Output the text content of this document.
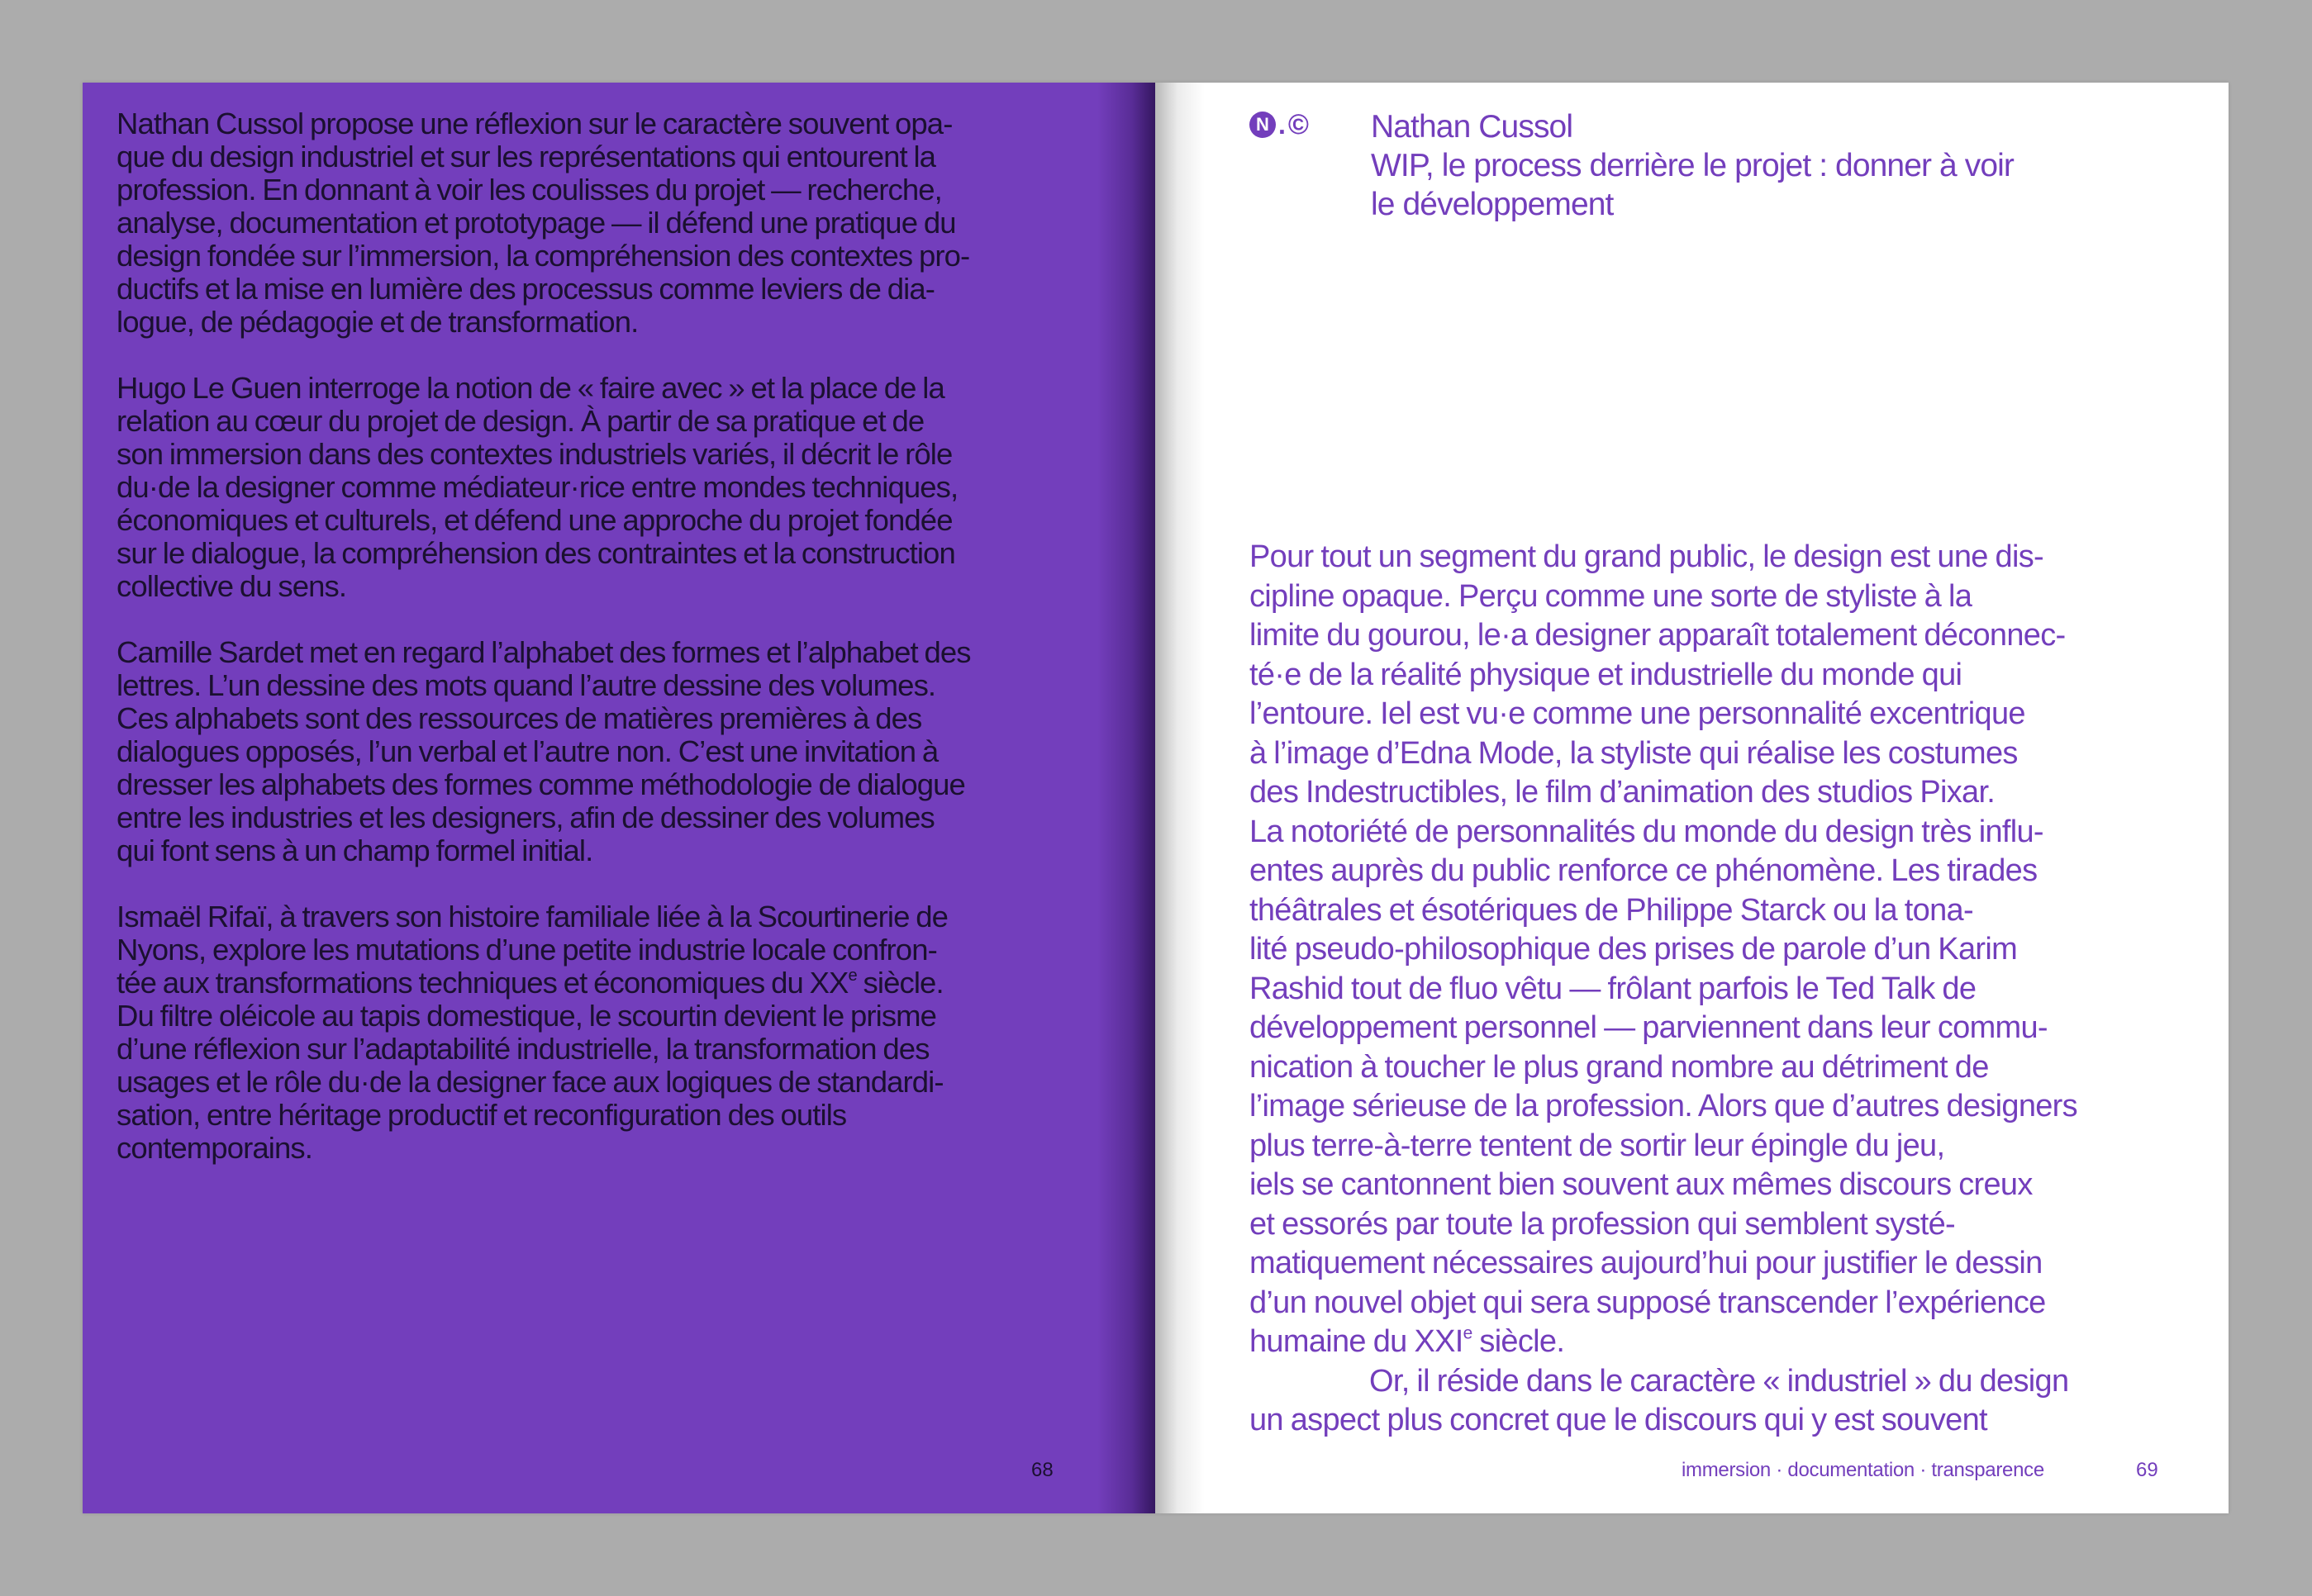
Nathan Cussol propose une réflexion sur le caractère souvent opa-
que du design industriel et sur les représentations qui entourent la
profession. En donnant à voir les coulisses du projet — recherche,
analyse, documentation et prototypage — il défend une pratique du
design fondée sur l’immersion, la compréhension des contextes pro-
ductifs et la mise en lumière des processus comme leviers de dia-
logue, de pédagogie et de transformation.

Hugo Le Guen interroge la notion de « faire avec » et la place de la
relation au cœur du projet de design. À partir de sa pratique et de
son immersion dans des contextes industriels variés, il décrit le rôle
du·de la designer comme médiateur·rice entre mondes techniques,
économiques et culturels, et défend une approche du projet fondée
sur le dialogue, la compréhension des contraintes et la construction
collective du sens.

Camille Sardet met en regard l’alphabet des formes et l’alphabet des
lettres. L’un dessine des mots quand l’autre dessine des volumes.
Ces alphabets sont des ressources de matières premières à des
dialogues opposés, l’un verbal et l’autre non. C’est une invitation à
dresser les alphabets des formes comme méthodologie de dialogue
entre les industries et les designers, afin de dessiner des volumes
qui font sens à un champ formel initial.

Ismaël Rifaï, à travers son histoire familiale liée à la Scourtinerie de
Nyons, explore les mutations d’une petite industrie locale confron-
tée aux transformations techniques et économiques du XXe siècle.
Du filtre oléicole au tapis domestique, le scourtin devient le prisme
d’une réflexion sur l’adaptabilité industrielle, la transformation des
usages et le rôle du·de la designer face aux logiques de standardi-
sation, entre héritage productif et reconfiguration des outils
contemporains.

68
N . © Nathan Cussol
WIP, le process derrière le projet : donner à voir
le développement
Pour tout un segment du grand public, le design est une dis-
cipline opaque. Perçu comme une sorte de styliste à la
limite du gourou, le·a designer apparaît totalement déconnec-
té·e de la réalité physique et industrielle du monde qui
l’entoure. Iel est vu·e comme une personnalité excentrique
à l’image d’Edna Mode, la styliste qui réalise les costumes
des Indestructibles, le film d’animation des studios Pixar.
La notoriété de personnalités du monde du design très influ-
entes auprès du public renforce ce phénomène. Les tirades
théâtrales et ésotériques de Philippe Starck ou la tona-
lité pseudo-philosophique des prises de parole d’un Karim
Rashid tout de fluo vêtu — frôlant parfois le Ted Talk de
développement personnel — parviennent dans leur commu-
nication à toucher le plus grand nombre au détriment de
l’image sérieuse de la profession. Alors que d’autres designers
plus terre-à-terre tentent de sortir leur épingle du jeu,
iels se cantonnent bien souvent aux mêmes discours creux
et essorés par toute la profession qui semblent systé-
matiquement nécessaires aujourd’hui pour justifier le dessin
d’un nouvel objet qui sera supposé transcender l’expérience
humaine du XXIe siècle.
Or, il réside dans le caractère « industriel » du design
un aspect plus concret que le discours qui y est souvent
immersion · documentation · transparence	69
